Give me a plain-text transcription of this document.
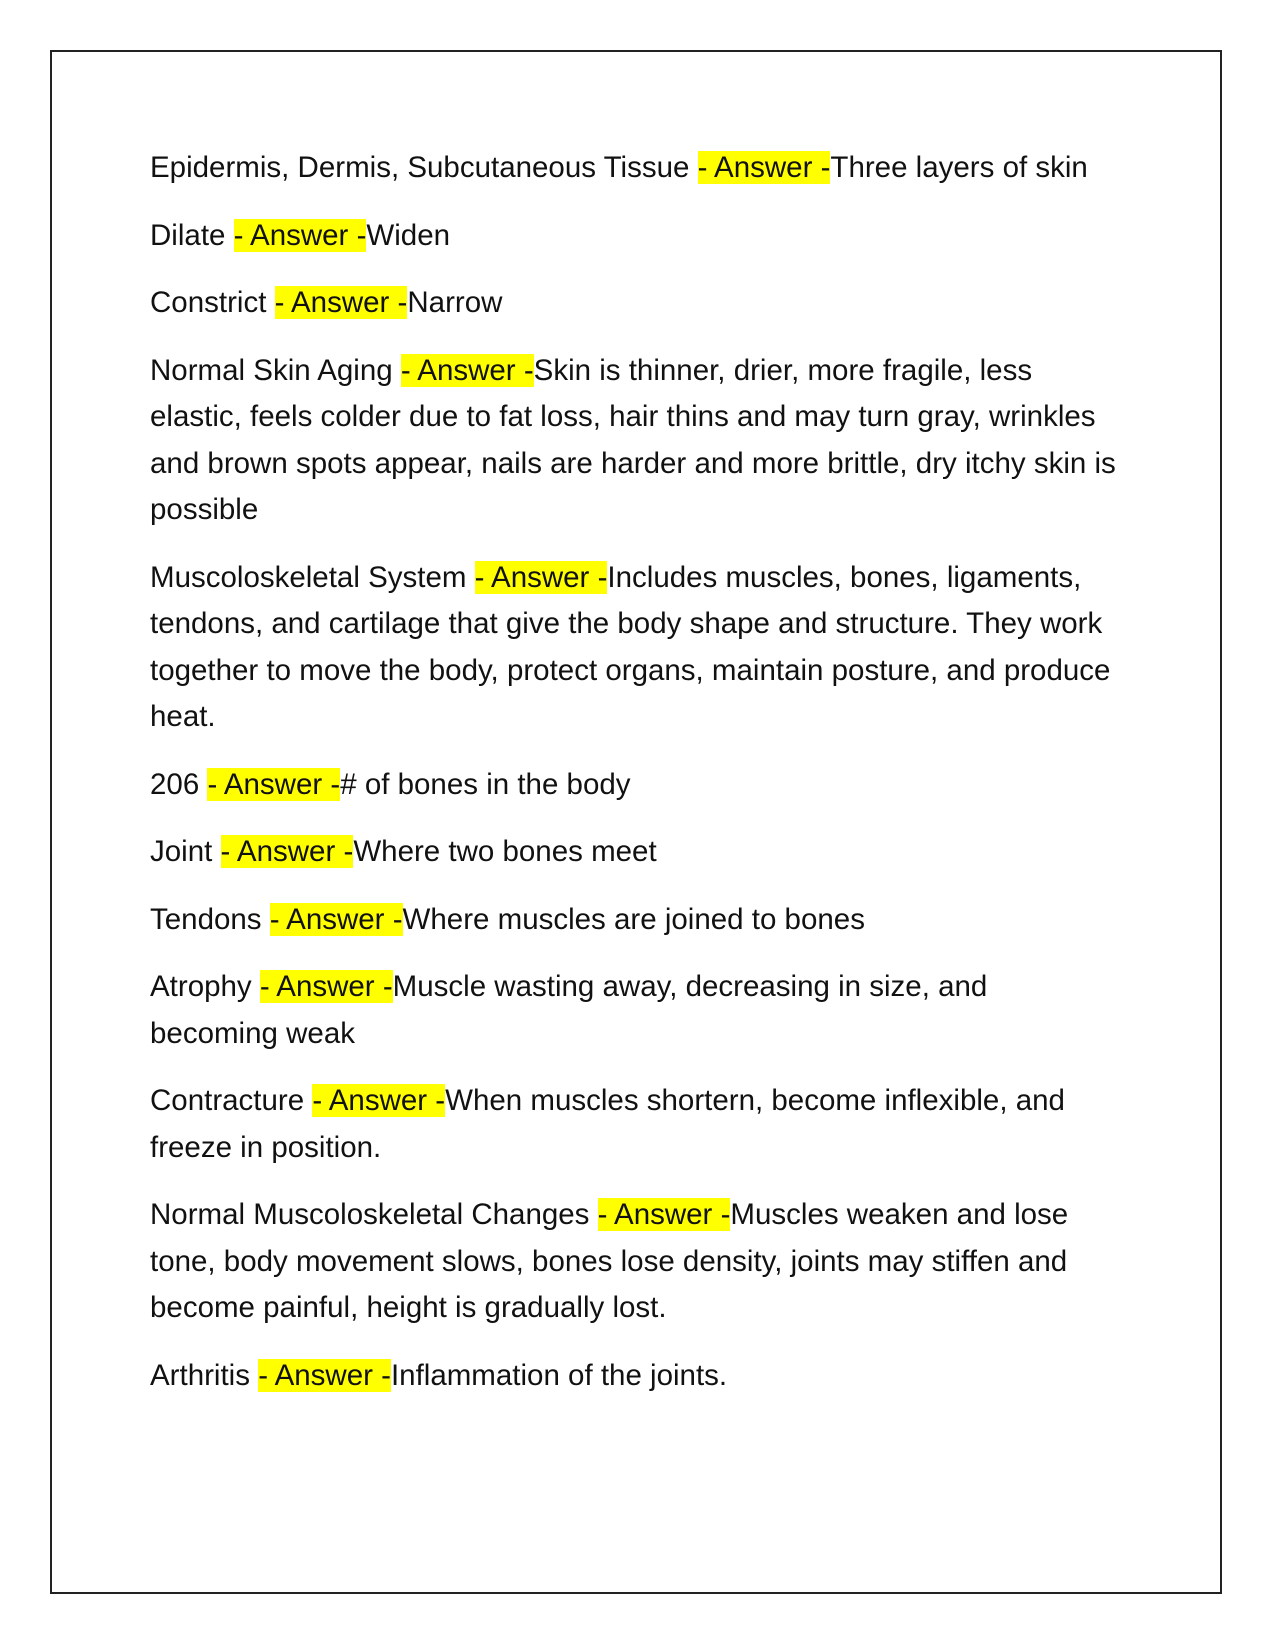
Epidermis, Dermis, Subcutaneous Tissue - Answer -Three layers of skin

Dilate - Answer -Widen

Constrict - Answer -Narrow

Normal Skin Aging - Answer -Skin is thinner, drier, more fragile, less elastic, feels colder due to fat loss, hair thins and may turn gray, wrinkles and brown spots appear, nails are harder and more brittle, dry itchy skin is possible

Muscoloskeletal System - Answer -Includes muscles, bones, ligaments, tendons, and cartilage that give the body shape and structure. They work together to move the body, protect organs, maintain posture, and produce heat.

206 - Answer -# of bones in the body

Joint - Answer -Where two bones meet

Tendons - Answer -Where muscles are joined to bones

Atrophy - Answer -Muscle wasting away, decreasing in size, and becoming weak

Contracture - Answer -When muscles shortern, become inflexible, and freeze in position.

Normal Muscoloskeletal Changes - Answer -Muscles weaken and lose tone, body movement slows, bones lose density, joints may stiffen and become painful, height is gradually lost.

Arthritis - Answer -Inflammation of the joints.
